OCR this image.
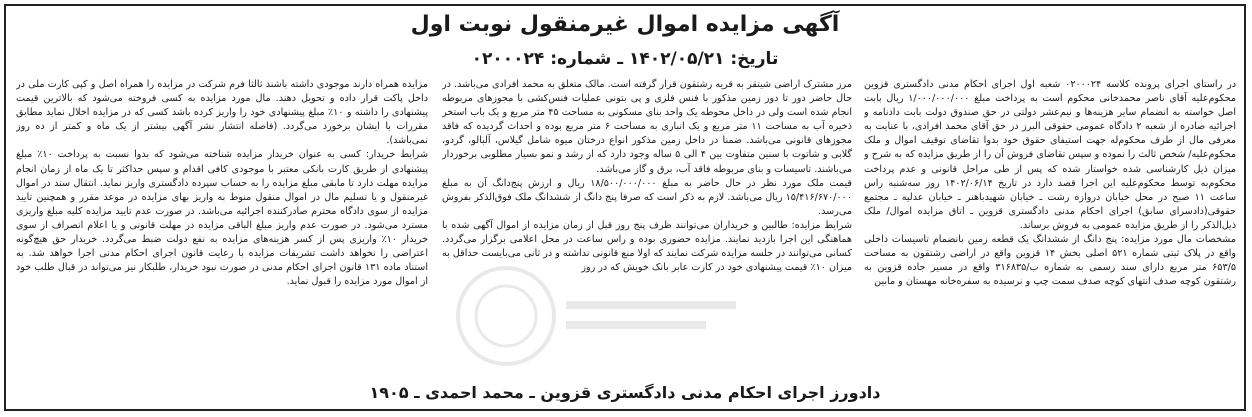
آگهی مزایده اموال غیرمنقول نوبت اول
تاریخ: ۱۴۰۲/۰۵/۲۱ ـ شماره: ۰۲۰۰۰۲۴

در راستای اجرای پرونده کلاسه ۰۲۰۰۰۲۴ شعبه اول اجرای احکام مدنی دادگستری قزوین محکوم‌علیه آقای ناصر محمدخانی محکوم است به پرداخت مبلغ ۱/۰۰۰/۰۰۰/۰۰۰ ریال بابت اصل خواسته به انضمام سایر هزینه‌ها و نیم‌عشر دولتی در حق صندوق دولت بابت دادنامه و اجرائیه صادره از شعبه ۲ دادگاه عمومی حقوقی البرز در حق آقای محمد افرادی، با عنایت به معرفی مال از طرف محکوم‌له جهت استیفای حقوق خود بدوا تقاضای توقیف اموال و ملک محکوم‌علیه/ شخص ثالث را نموده و سپس تقاضای فروش آن را از طریق مزایده که به شرح و میزان ذیل کارشناسی شده خواستار شده که پس از طی مراحل قانونی و عدم پرداخت محکوم‌به توسط محکوم‌علیه این اجرا قصد دارد در تاریخ ۱۴۰۲/۰۶/۱۴ روز سه‌شنبه راس ساعت ۱۱ صبح در محل خیابان دروازه رشت ـ خیابان شهیدباهنر ـ خیابان عدلیه ـ مجتمع حقوقی(دادسرای سابق) اجرای احکام مدنی دادگستری قزوین ـ اتاق مزایده اموال/ ملک ذیل‌الذکر را از طریق مزایده عمومی به فروش برساند.
مشخصات مال مورد مزایده: پنج دانگ از ششدانگ یک قطعه زمین بانضمام تاسیسات داخلی واقع در پلاک ثبتی شماره ۵۲۱ اصلی بخش ۱۴ قزوین واقع در اراضی رشتقون به مساحت ۶۵۳/۵ متر مربع دارای سند رسمی به شماره ب/۳۱۶۸۳۵ واقع در مسیر جاده قزوین به رشتقون کوچه صدف انتهای کوچه صدف سمت چپ و نرسیده به سفره‌خانه مهستان و مابین

مرز مشترک اراضی شیتقر به قریه رشتقون قرار گرفته است. مالک متعلق به محمد افرادی می‌باشد. در حال حاضر دور تا دور زمین مذکور با فنس فلزی و پی بتونی عملیات فنس‌کشی با مجوزهای مربوطه انجام شده است ولی در داخل محوطه یک واحد بنای مسکونی به مساحت ۴۵ متر مربع و یک باب استخر ذخیره آب به مساحت ۱۱ متر مربع و یک انباری به مساحت ۶ متر مربع بوده و احداث گردیده که فاقد مجوزهای قانونی می‌باشد. ضمنا در داخل زمین مذکور انواع درختان میوه شامل گیلاس، آلبالو، گردو، گلابی و شاتوت با سنین متفاوت بین ۴ الی ۵ ساله وجود دارد که از رشد و نمو بسیار مطلوبی برخوردار می‌باشند. تاسیسات و بنای مربوطه فاقد آب، برق و گاز می‌باشد.
قیمت ملک مورد نظر در حال حاضر به مبلغ ۱۸/۵۰۰/۰۰۰/۰۰۰ ریال و ارزش پنج‌دانگ آن به مبلغ ۱۵/۴۱۶/۶۷۰/۰۰۰ ریال می‌باشد. لازم به ذکر است که صرفا پنج دانگ از ششدانگ ملک فوق‌الذکر بفروش می‌رسد.
شرایط مزایده: طالبین و خریداران می‌توانند ظرف پنج روز قبل از زمان مزایده از اموال آگهی شده با هماهنگی این اجرا بازدید نمایند. مزایده حضوری بوده و راس ساعت در محل اعلامی برگزار می‌گردد. کسانی می‌توانند در جلسه مزایده شرکت نمایند که اولا منع قانونی نداشته و در ثانی می‌بایست حداقل به میزان ۱۰٪ قیمت پیشنهادی خود در کارت عابر بانک خویش که در روز

مزایده همراه دارند موجودی داشته باشند ثالثا فرم شرکت در مزایده را همراه اصل و کپی کارت ملی در داخل پاکت قرار داده و تحویل دهند. مال مورد مزایده به کسی فروخته می‌شود که بالاترین قیمت پیشنهادی را داشته و ۱۰٪ مبلغ پیشنهادی خود را واریز کرده باشد کسی که در مزایده اخلال نماید مطابق مقررات با ایشان برخورد می‌گردد. (فاصله انتشار نشر آگهی بیشتر از یک ماه و کمتر از ده روز نمی‌باشد).
شرایط خریدار: کسی به عنوان خریدار مزایده شناخته می‌شود که بدوا نسبت به پرداخت ۱۰٪ مبلغ پیشنهادی از طریق کارت بانکی معتبر با موجودی کافی اقدام و سپس حداکثر تا یک ماه از زمان انجام مزایده مهلت دارد تا مابقی مبلغ مزایده را به حساب سپرده دادگستری واریز نماید. انتقال سند در اموال غیرمنقول و یا تسلیم مال در اموال منقول منوط به واریز بهای مزایده در موعد مقرر و همچنین تایید مزایده از سوی دادگاه محترم صادرکننده اجرائیه می‌باشد. در صورت عدم تایید مزایده کلیه مبلغ واریزی مسترد می‌شود. در صورت عدم واریز مبلغ الباقی مزایده در مهلت قانونی و یا اعلام انصراف از سوی خریدار ۱۰٪ واریزی پس از کسر هزینه‌های مزایده به نفع دولت ضبط می‌گردد. خریدار حق هیچ‌گونه اعتراضی را نخواهد داشت تشریفات مزایده با رعایت قانون اجرای احکام مدنی اجرا خواهد شد. به استناد ماده ۱۳۱ قانون اجرای احکام مدنی در صورت نبود خریدار، طلبکار نیز می‌تواند در قبال طلب خود از اموال مورد مزایده را قبول نماید.

دادورز اجرای احکام مدنی دادگستری قزوین ـ محمد احمدی ـ ۱۹۰۵
